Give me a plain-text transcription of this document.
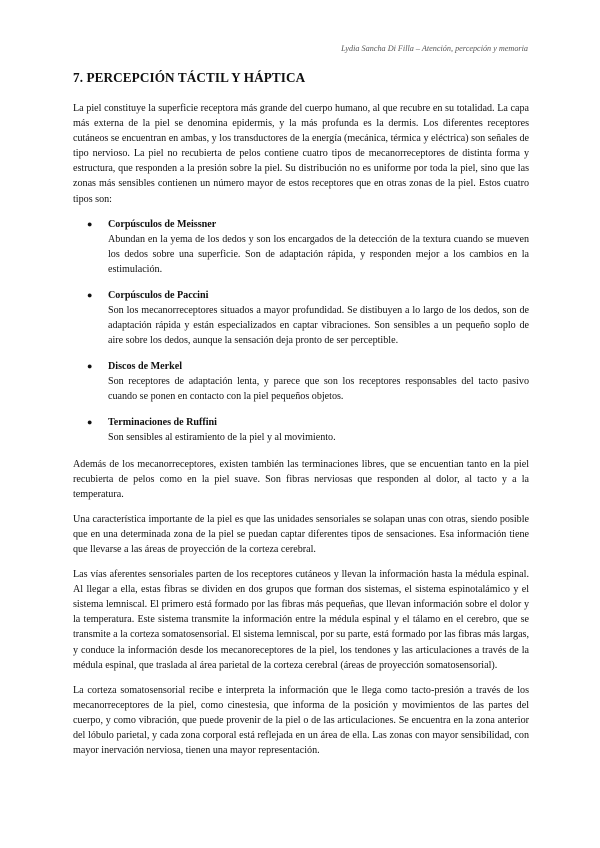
Lydia Sancha Di Filla – Atención, percepción y memoria
7. PERCEPCIÓN TÁCTIL Y HÁPTICA

La piel constituye la superficie receptora más grande del cuerpo humano, al que recubre en su totalidad. La capa más externa de la piel se denomina epidermis, y la más profunda es la dermis. Los diferentes receptores cutáneos se encuentran en ambas, y los transductores de la energía (mecánica, térmica y eléctrica) son señales de tipo nervioso. La piel no recubierta de pelos contiene cuatro tipos de mecanorreceptores de distinta forma y estructura, que responden a la presión sobre la piel. Su distribución no es uniforme por toda la piel, sino que las zonas más sensibles contienen un número mayor de estos receptores que en otras zonas de la piel. Estos cuatro tipos son:

● Corpúsculos de Meissner
Abundan en la yema de los dedos y son los encargados de la detección de la textura cuando se mueven los dedos sobre una superficie. Son de adaptación rápida, y responden mejor a los cambios en la estimulación.
● Corpúsculos de Paccini
Son los mecanorreceptores situados a mayor profundidad. Se distibuyen a lo largo de los dedos, son de adaptación rápida y están especializados en captar vibraciones. Son sensibles a un pequeño soplo de aire sobre los dedos, aunque la sensación deja pronto de ser perceptible.
● Discos de Merkel
Son receptores de adaptación lenta, y parece que son los receptores responsables del tacto pasivo cuando se ponen en contacto con la piel pequeños objetos.
● Terminaciones de Ruffini
Son sensibles al estiramiento de la piel y al movimiento.

Además de los mecanorreceptores, existen también las terminaciones libres, que se encuentian tanto en la piel recubierta de pelos como en la piel suave. Son fibras nerviosas que responden al dolor, al tacto y a la temperatura.

Una característica importante de la piel es que las unidades sensoriales se solapan unas con otras, siendo posible que en una determinada zona de la piel se puedan captar diferentes tipos de sensaciones. Esa información tiene que llevarse a las áreas de proyección de la corteza cerebral.

Las vías aferentes sensoriales parten de los receptores cutáneos y llevan la información hasta la médula espinal. Al llegar a ella, estas fibras se dividen en dos grupos que forman dos sistemas, el sistema espinotalámico y el sistema lemniscal. El primero está formado por las fibras más pequeñas, que llevan información sobre el dolor y la temperatura. Este sistema transmite la información entre la médula espinal y el tálamo en el cerebro, que se transmite a la corteza somatosensorial. El sistema lemniscal, por su parte, está formado por las fibras más largas, y conduce la información desde los mecanoreceptores de la piel, los tendones y las articulaciones a través de la médula espinal, que traslada al área parietal de la corteza cerebral (áreas de proyección somatosensorial).

La corteza somatosensorial recibe e interpreta la información que le llega como tacto-presión a través de los mecanorreceptores de la piel, como cinestesia, que informa de la posición y movimientos de las partes del cuerpo, y como vibración, que puede provenir de la piel o de las articulaciones. Se encuentra en la zona anterior del lóbulo parietal, y cada zona corporal está reflejada en un área de ella. Las zonas con mayor sensibilidad, con mayor inervación nerviosa, tienen una mayor representación.
